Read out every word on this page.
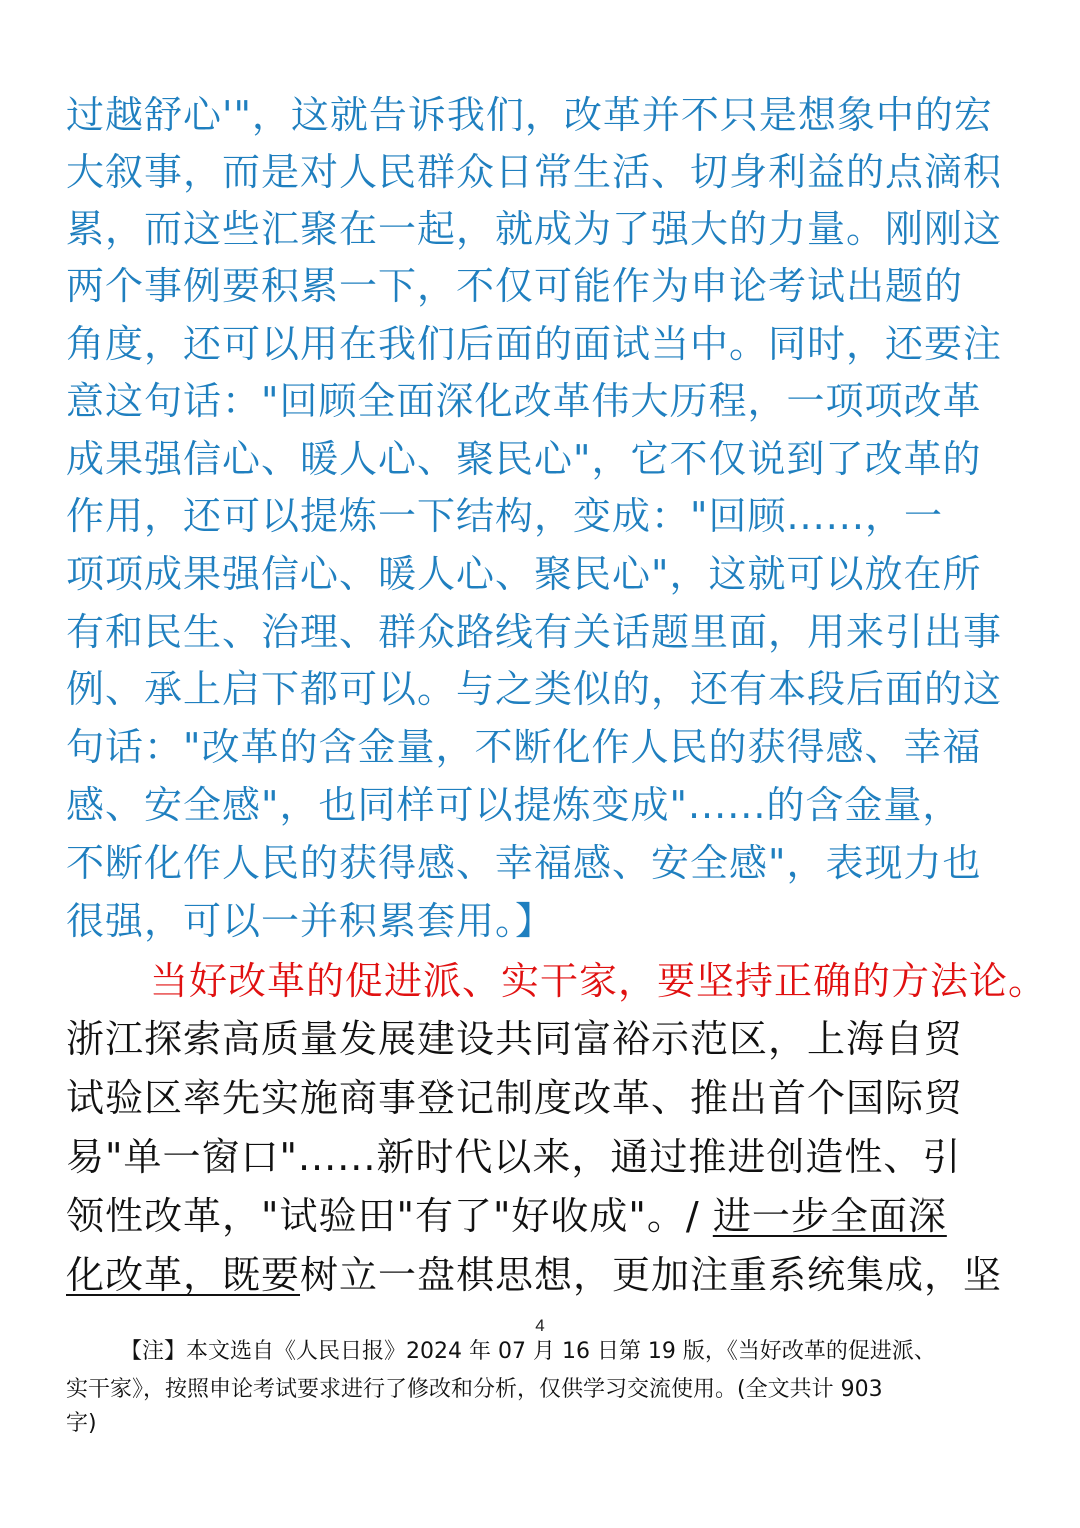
过越舒心'"，这就告诉我们，改革并不只是想象中的宏
大叙事，而是对人民群众日常生活、切身利益的点滴积
累，而这些汇聚在一起，就成为了强大的力量。刚刚这
两个事例要积累一下，不仅可能作为申论考试出题的
角度，还可以用在我们后面的面试当中。同时，还要注
意这句话："回顾全面深化改革伟大历程，一项项改革
成果强信心、暖人心、聚民心"，它不仅说到了改革的
作用，还可以提炼一下结构，变成："回顾......，一
项项成果强信心、暖人心、聚民心"，这就可以放在所
有和民生、治理、群众路线有关话题里面，用来引出事
例、承上启下都可以。与之类似的，还有本段后面的这
句话："改革的含金量，不断化作人民的获得感、幸福
感、安全感"，也同样可以提炼变成"......的含金量，
不断化作人民的获得感、幸福感、安全感"，表现力也
很强，可以一并积累套用。】
当好改革的促进派、实干家，要坚持正确的方法论。
浙江探索高质量发展建设共同富裕示范区，上海自贸
试验区率先实施商事登记制度改革、推出首个国际贸
易"单一窗口"......新时代以来，通过推进创造性、引
领性改革，"试验田"有了"好收成"。/ 进一步全面深
化改革，既要树立一盘棋思想，更加注重系统集成，坚
4
【注】本文选自《人民日报》2024 年 07 月 16 日第 19 版，《当好改革的促进派、
实干家》，按照申论考试要求进行了修改和分析，仅供学习交流使用。(全文共计 903
字)
